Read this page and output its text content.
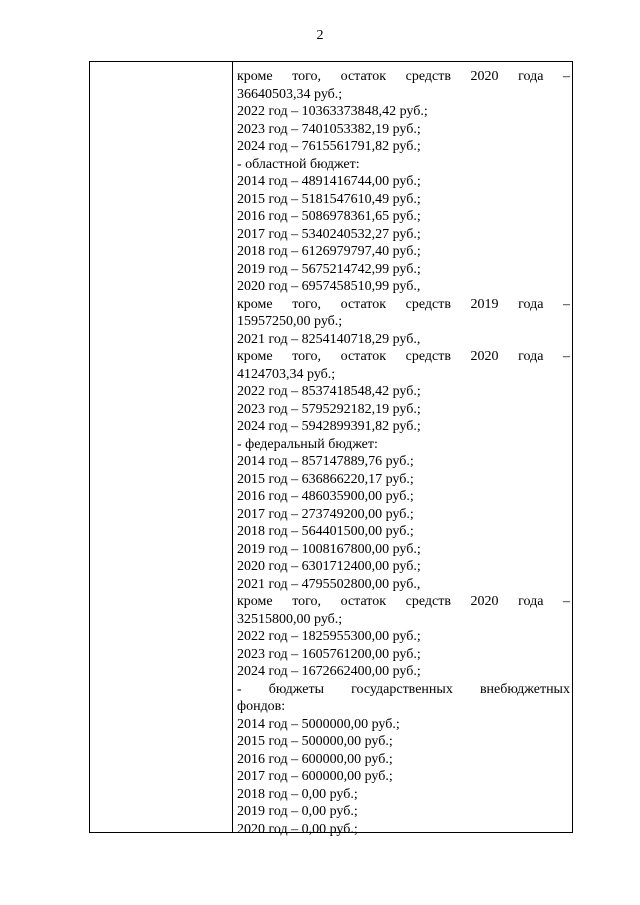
2
кроме того, остаток средств 2020 года –
36640503,34 руб.;
2022 год – 10363373848,42 руб.;
2023 год – 7401053382,19 руб.;
2024 год – 7615561791,82 руб.;
- областной бюджет:
2014 год – 4891416744,00 руб.;
2015 год – 5181547610,49 руб.;
2016 год – 5086978361,65 руб.;
2017 год – 5340240532,27 руб.;
2018 год – 6126979797,40 руб.;
2019 год – 5675214742,99 руб.;
2020 год – 6957458510,99 руб.,
кроме того, остаток средств 2019 года –
15957250,00 руб.;
2021 год – 8254140718,29 руб.,
кроме того, остаток средств 2020 года –
4124703,34 руб.;
2022 год – 8537418548,42 руб.;
2023 год – 5795292182,19 руб.;
2024 год – 5942899391,82 руб.;
- федеральный бюджет:
2014 год – 857147889,76 руб.;
2015 год – 636866220,17 руб.;
2016 год – 486035900,00 руб.;
2017 год – 273749200,00 руб.;
2018 год – 564401500,00 руб.;
2019 год – 1008167800,00 руб.;
2020 год – 6301712400,00 руб.;
2021 год – 4795502800,00 руб.,
кроме того, остаток средств 2020 года –
32515800,00 руб.;
2022 год – 1825955300,00 руб.;
2023 год – 1605761200,00 руб.;
2024 год – 1672662400,00 руб.;
- бюджеты государственных внебюджетных
фондов:
2014 год – 5000000,00 руб.;
2015 год – 500000,00 руб.;
2016 год – 600000,00 руб.;
2017 год – 600000,00 руб.;
2018 год – 0,00 руб.;
2019 год – 0,00 руб.;
2020 год – 0,00 руб.;
